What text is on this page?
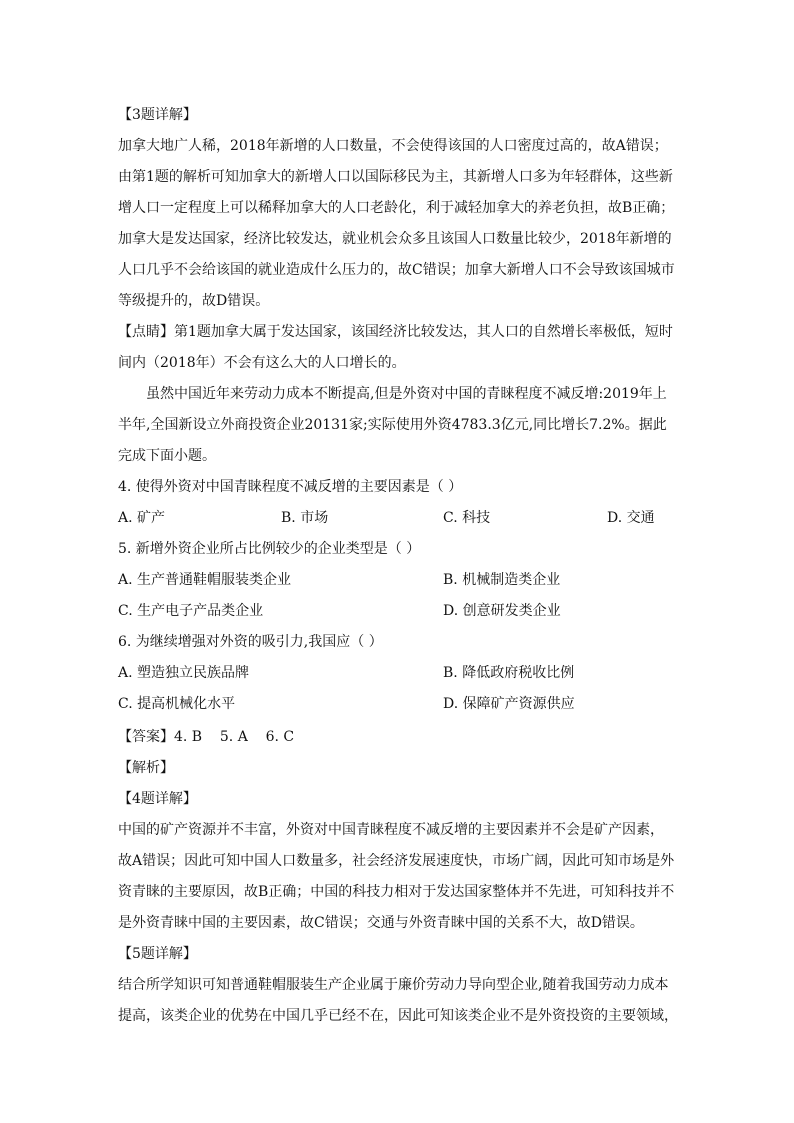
【3题详解】
加拿大地广人稀，2018年新增的人口数量，不会使得该国的人口密度过高的，故A错误；
由第1题的解析可知加拿大的新增人口以国际移民为主，其新增人口多为年轻群体，这些新
增人口一定程度上可以稀释加拿大的人口老龄化，利于减轻加拿大的养老负担，故B正确；
加拿大是发达国家，经济比较发达，就业机会众多且该国人口数量比较少，2018年新增的
人口几乎不会给该国的就业造成什么压力的，故C错误；加拿大新增人口不会导致该国城市
等级提升的，故D错误。
【点睛】第1题加拿大属于发达国家，该国经济比较发达，其人口的自然增长率极低，短时
间内（2018年）不会有这么大的人口增长的。
虽然中国近年来劳动力成本不断提高,但是外资对中国的青睐程度不减反增:2019年上
半年,全国新设立外商投资企业20131家;实际使用外资4783.3亿元,同比增长7.2%。据此
完成下面小题。
4. 使得外资对中国青睐程度不减反增的主要因素是（ ）
A. 矿产	B. 市场	C. 科技	D. 交通
5. 新增外资企业所占比例较少的企业类型是（ ）
A. 生产普通鞋帽服装类企业	B. 机械制造类企业
C. 生产电子产品类企业	D. 创意研发类企业
6. 为继续增强对外资的吸引力,我国应（ ）
A. 塑造独立民族品牌	B. 降低政府税收比例
C. 提高机械化水平	D. 保障矿产资源供应
【答案】4. B    5. A    6. C
【解析】
【4题详解】
中国的矿产资源并不丰富，外资对中国青睐程度不减反增的主要因素并不会是矿产因素，
故A错误；因此可知中国人口数量多，社会经济发展速度快，市场广阔，因此可知市场是外
资青睐的主要原因，故B正确；中国的科技力相对于发达国家整体并不先进，可知科技并不
是外资青睐中国的主要因素，故C错误；交通与外资青睐中国的关系不大，故D错误。
【5题详解】
结合所学知识可知普通鞋帽服装生产企业属于廉价劳动力导向型企业,随着我国劳动力成本
提高，该类企业的优势在中国几乎已经不在，因此可知该类企业不是外资投资的主要领域，
